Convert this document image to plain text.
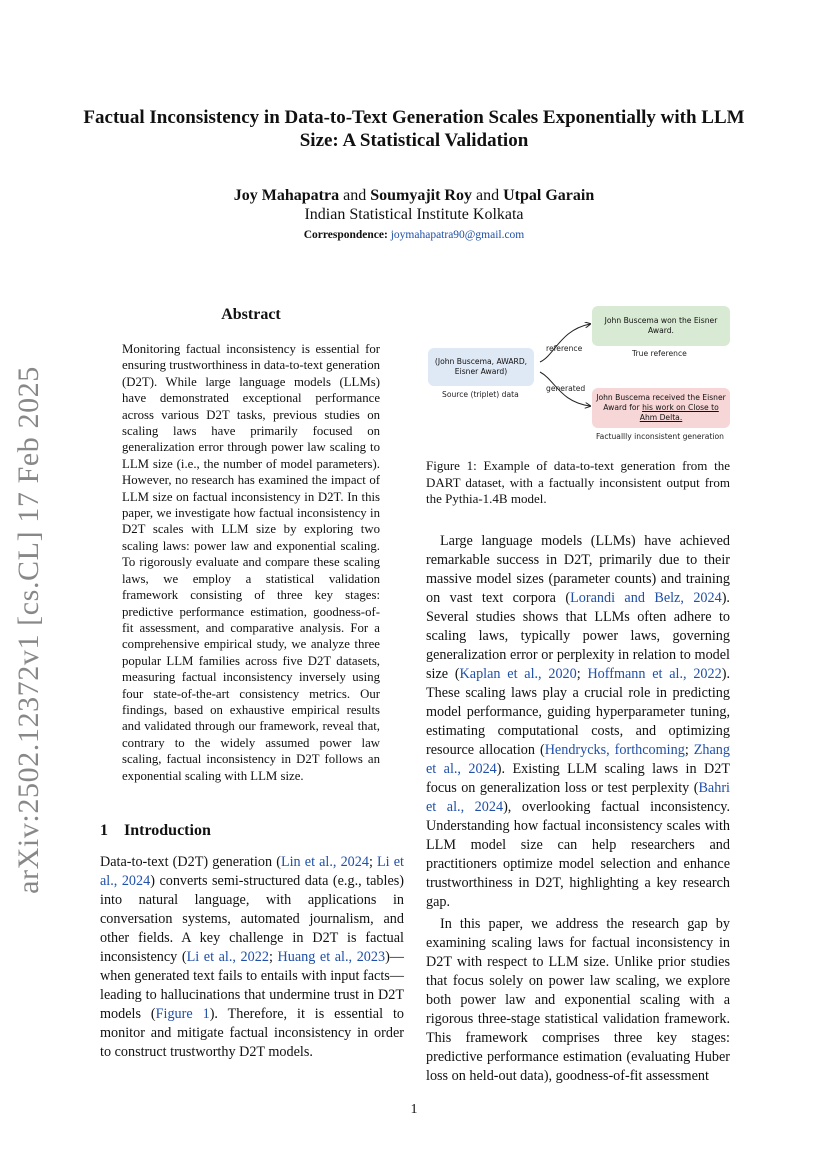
Factual Inconsistency in Data-to-Text Generation Scales Exponentially with LLM Size: A Statistical Validation
Joy Mahapatra and Soumyajit Roy and Utpal Garain
Indian Statistical Institute Kolkata
Correspondence: joymahapatra90@gmail.com
arXiv:2502.12372v1 [cs.CL] 17 Feb 2025
Abstract
Monitoring factual inconsistency is essential for ensuring trustworthiness in data-to-text generation (D2T). While large language models (LLMs) have demonstrated exceptional performance across various D2T tasks, previous studies on scaling laws have primarily focused on generalization error through power law scaling to LLM size (i.e., the number of model parameters). However, no research has examined the impact of LLM size on factual inconsistency in D2T. In this paper, we investigate how factual inconsistency in D2T scales with LLM size by exploring two scaling laws: power law and exponential scaling. To rigorously evaluate and compare these scaling laws, we employ a statistical validation framework consisting of three key stages: predictive performance estimation, goodness-of-fit assessment, and comparative analysis. For a comprehensive empirical study, we analyze three popular LLM families across five D2T datasets, measuring factual inconsistency inversely using four state-of-the-art consistency metrics. Our findings, based on exhaustive empirical results and validated through our framework, reveal that, contrary to the widely assumed power law scaling, factual inconsistency in D2T follows an exponential scaling with LLM size.
1 Introduction

Data-to-text (D2T) generation (Lin et al., 2024; Li et al., 2024) converts semi-structured data (e.g., tables) into natural language, with applications in conversation systems, automated journalism, and other fields. A key challenge in D2T is factual inconsistency (Li et al., 2022; Huang et al., 2023)—when generated text fails to entails with input facts—leading to hallucinations that undermine trust in D2T models (Figure 1). Therefore, it is essential to monitor and mitigate factual inconsistency in order to construct trustworthy D2T models.

(John Buscema, AWARD, Eisner Award)
Source (triplet) data
reference
generated
John Buscema won the Eisner Award.
True reference
John Buscema received the Eisner Award for his work on Close to Ahm Delta.
Factuallly inconsistent generation
Figure 1: Example of data-to-text generation from the DART dataset, with a factually inconsistent output from the Pythia-1.4B model.

Large language models (LLMs) have achieved remarkable success in D2T, primarily due to their massive model sizes (parameter counts) and training on vast text corpora (Lorandi and Belz, 2024). Several studies shows that LLMs often adhere to scaling laws, typically power laws, governing generalization error or perplexity in relation to model size (Kaplan et al., 2020; Hoffmann et al., 2022). These scaling laws play a crucial role in predicting model performance, guiding hyperparameter tuning, estimating computational costs, and optimizing resource allocation (Hendrycks, forthcoming; Zhang et al., 2024). Existing LLM scaling laws in D2T focus on generalization loss or test perplexity (Bahri et al., 2024), overlooking factual inconsistency. Understanding how factual inconsistency scales with LLM model size can help researchers and practitioners optimize model selection and enhance trustworthiness in D2T, highlighting a key research gap.

In this paper, we address the research gap by examining scaling laws for factual inconsistency in D2T with respect to LLM size. Unlike prior studies that focus solely on power law scaling, we explore both power law and exponential scaling with a rigorous three-stage statistical validation framework. This framework comprises three key stages: predictive performance estimation (evaluating Huber loss on held-out data), goodness-of-fit assessment

1
